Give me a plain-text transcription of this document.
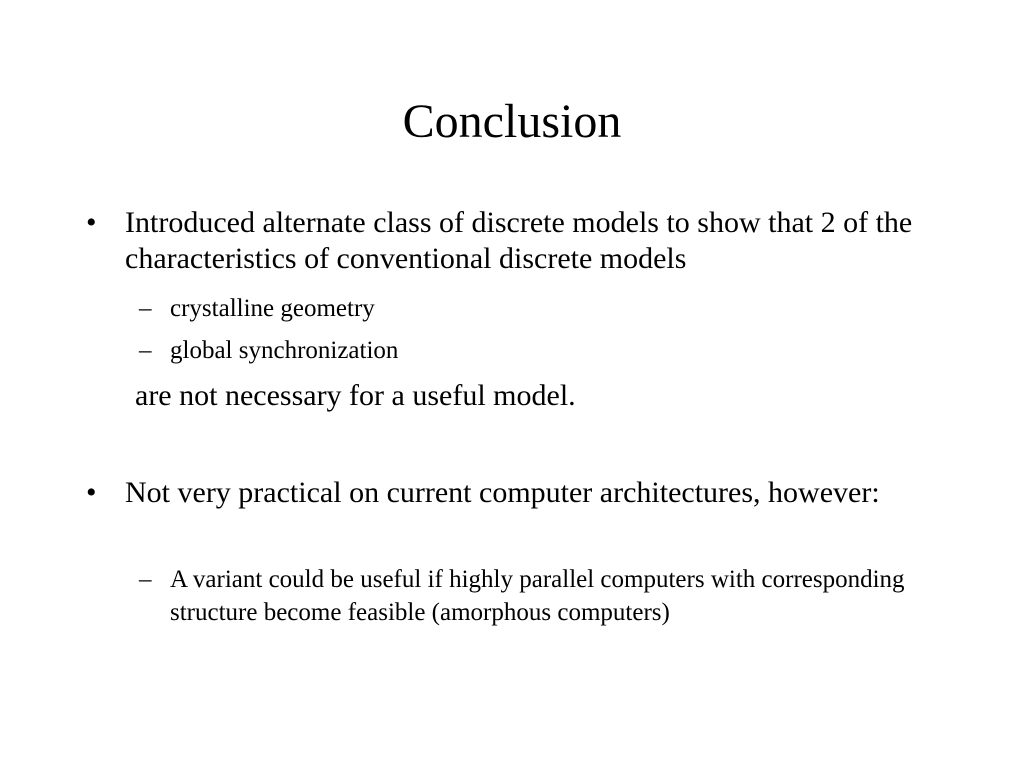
Conclusion
• Introduced alternate class of discrete models to show that 2 of the characteristics of conventional discrete models
– crystalline geometry
– global synchronization
are not necessary for a useful model.
• Not very practical on current computer architectures, however:
– A variant could be useful if highly parallel computers with corresponding structure become feasible (amorphous computers)
